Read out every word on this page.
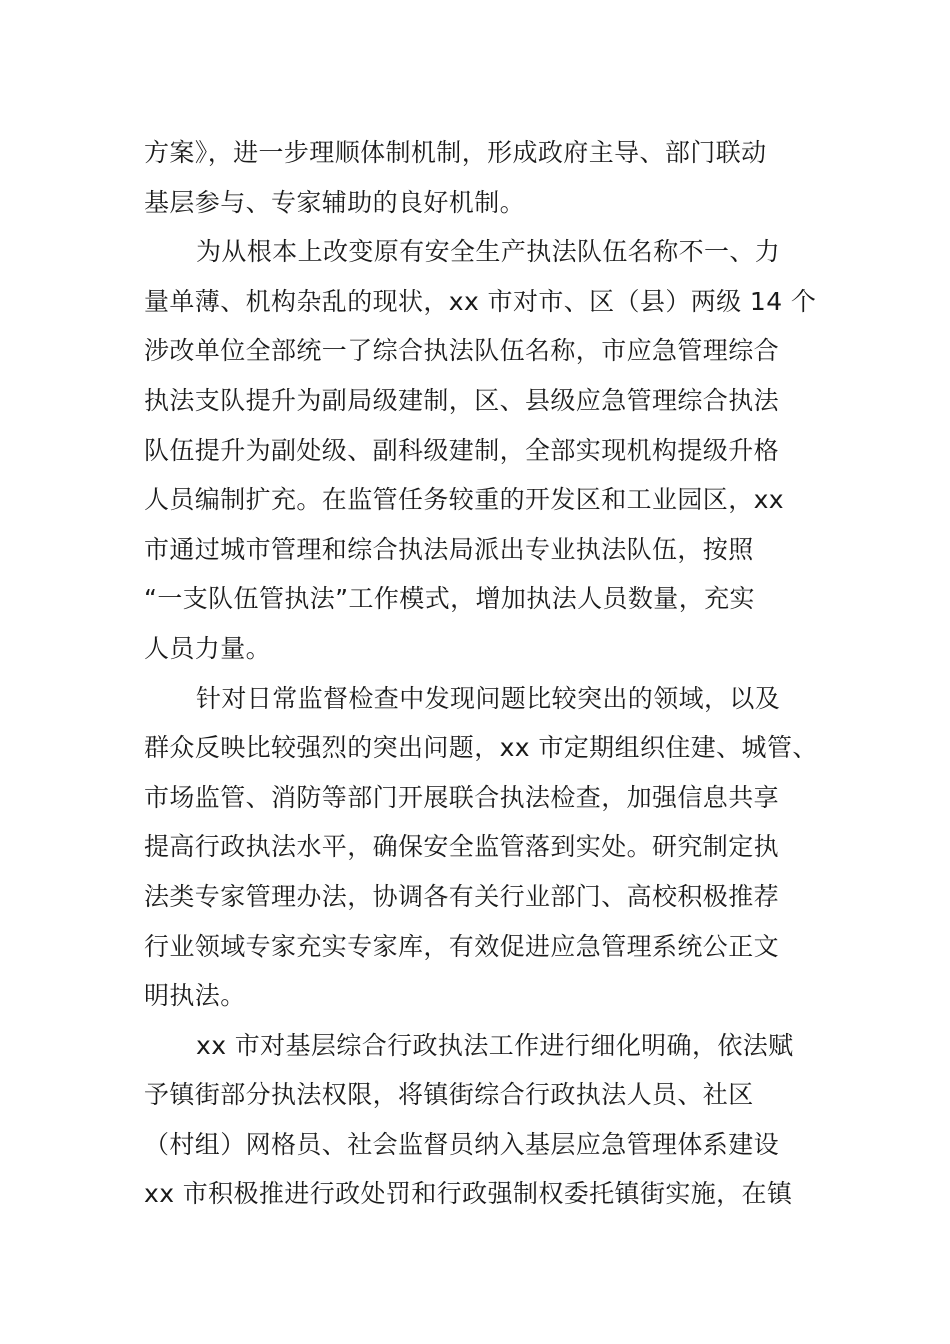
方案》，进一步理顺体制机制，形成政府主导、部门联动
基层参与、专家辅助的良好机制。
为从根本上改变原有安全生产执法队伍名称不一、力
量单薄、机构杂乱的现状，xx 市对市、区（县）两级 14 个
涉改单位全部统一了综合执法队伍名称，市应急管理综合
执法支队提升为副局级建制，区、县级应急管理综合执法
队伍提升为副处级、副科级建制，全部实现机构提级升格
人员编制扩充。在监管任务较重的开发区和工业园区，xx
市通过城市管理和综合执法局派出专业执法队伍，按照
“一支队伍管执法”工作模式，增加执法人员数量，充实
人员力量。
针对日常监督检查中发现问题比较突出的领域，以及
群众反映比较强烈的突出问题，xx 市定期组织住建、城管、
市场监管、消防等部门开展联合执法检查，加强信息共享
提高行政执法水平，确保安全监管落到实处。研究制定执
法类专家管理办法，协调各有关行业部门、高校积极推荐
行业领域专家充实专家库，有效促进应急管理系统公正文
明执法。
xx 市对基层综合行政执法工作进行细化明确，依法赋
予镇街部分执法权限，将镇街综合行政执法人员、社区
（村组）网格员、社会监督员纳入基层应急管理体系建设
xx 市积极推进行政处罚和行政强制权委托镇街实施，在镇
